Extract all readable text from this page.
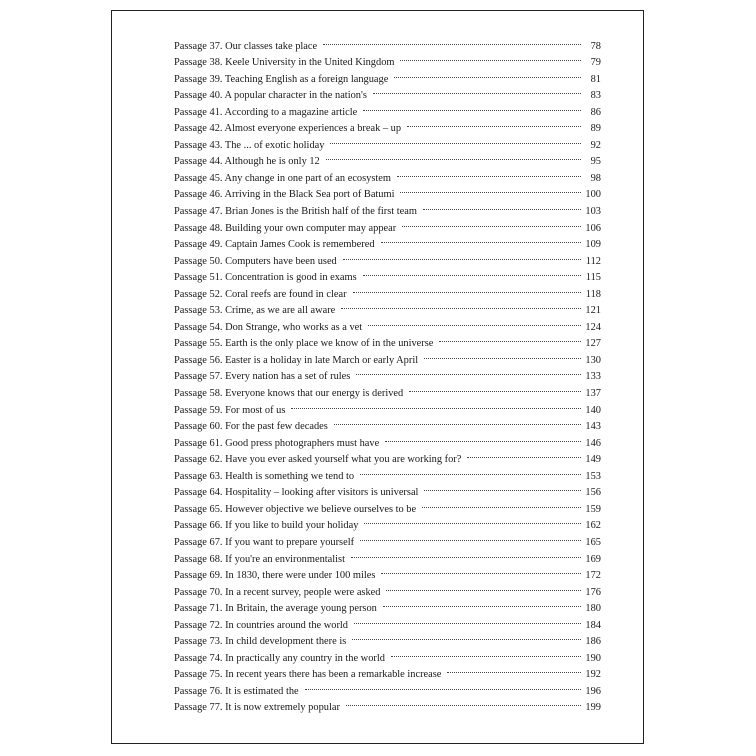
Passage 37. Our classes take place	78
Passage 38. Keele University in the United Kingdom	79
Passage 39. Teaching English as a foreign language	81
Passage 40. A popular character in the nation's	83
Passage 41. According to a magazine article	86
Passage 42. Almost everyone experiences a break – up	89
Passage 43. The ... of exotic holiday	92
Passage 44. Although he is only 12	95
Passage 45. Any change in one part of an ecosystem	98
Passage 46. Arriving in the Black Sea port of Batumi	100
Passage 47. Brian Jones is the British half of the first team	103
Passage 48. Building your own computer may appear	106
Passage 49. Captain James Cook is remembered	109
Passage 50. Computers have been used	112
Passage 51. Concentration is good in exams	115
Passage 52. Coral reefs are found in clear	118
Passage 53. Crime, as we are all aware	121
Passage 54. Don Strange, who works as a vet	124
Passage 55. Earth is the only place we know of in the universe	127
Passage 56. Easter is a holiday in late March or early April	130
Passage 57. Every nation has a set of rules	133
Passage 58. Everyone knows that our energy is derived	137
Passage 59. For most of us	140
Passage 60. For the past few decades	143
Passage 61. Good press photographers must have	146
Passage 62. Have you ever asked yourself what you are working for?	149
Passage 63. Health is something we tend to	153
Passage 64. Hospitality – looking after visitors is universal	156
Passage 65. However objective we believe ourselves to be	159
Passage 66. If you like to build your holiday	162
Passage 67. If you want to prepare yourself	165
Passage 68. If you're an environmentalist	169
Passage 69. In 1830, there were under 100 miles	172
Passage 70. In a recent survey, people were asked	176
Passage 71. In Britain, the average young person	180
Passage 72. In countries around the world	184
Passage 73. In child development there is	186
Passage 74. In practically any country in the world	190
Passage 75. In recent years there has been a remarkable increase	192
Passage 76. It is estimated the	196
Passage 77. It is now extremely popular	199
